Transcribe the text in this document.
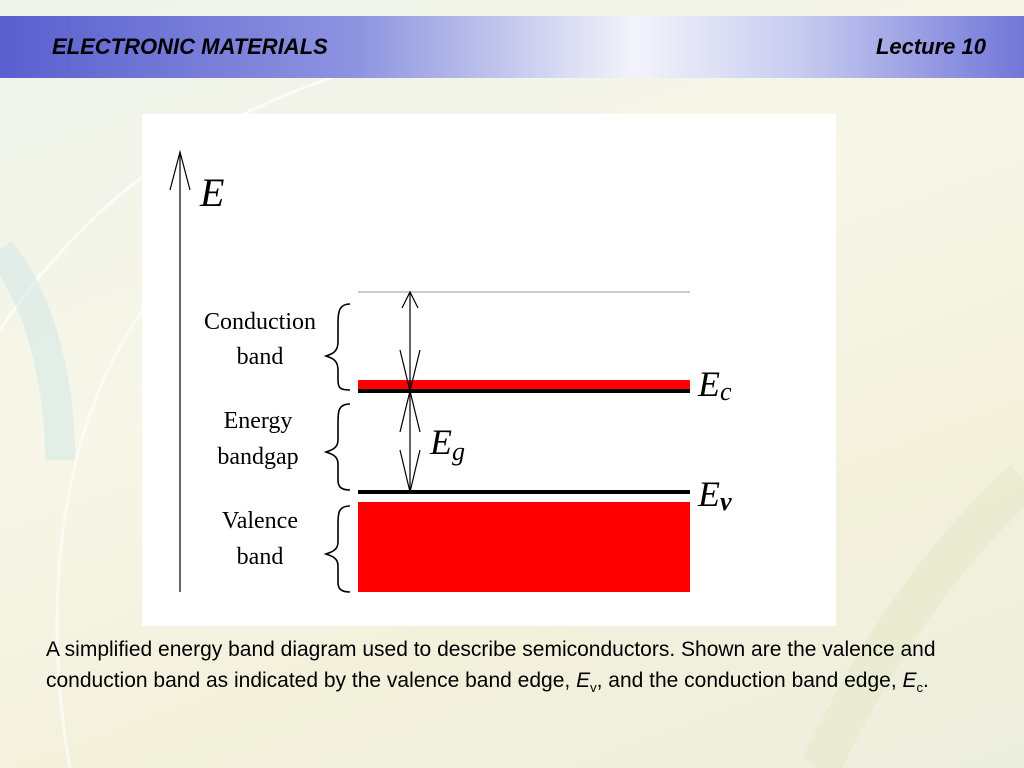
ELECTRONIC MATERIALS	Lecture 10
E
Conduction
band
Energy
bandgap
Valence
band
Ec
Ev
Eg
A simplified energy band diagram used to describe semiconductors. Shown are the valence and conduction band as indicated by the valence band edge, $E_v$, and the conduction band edge, $E_c$.
